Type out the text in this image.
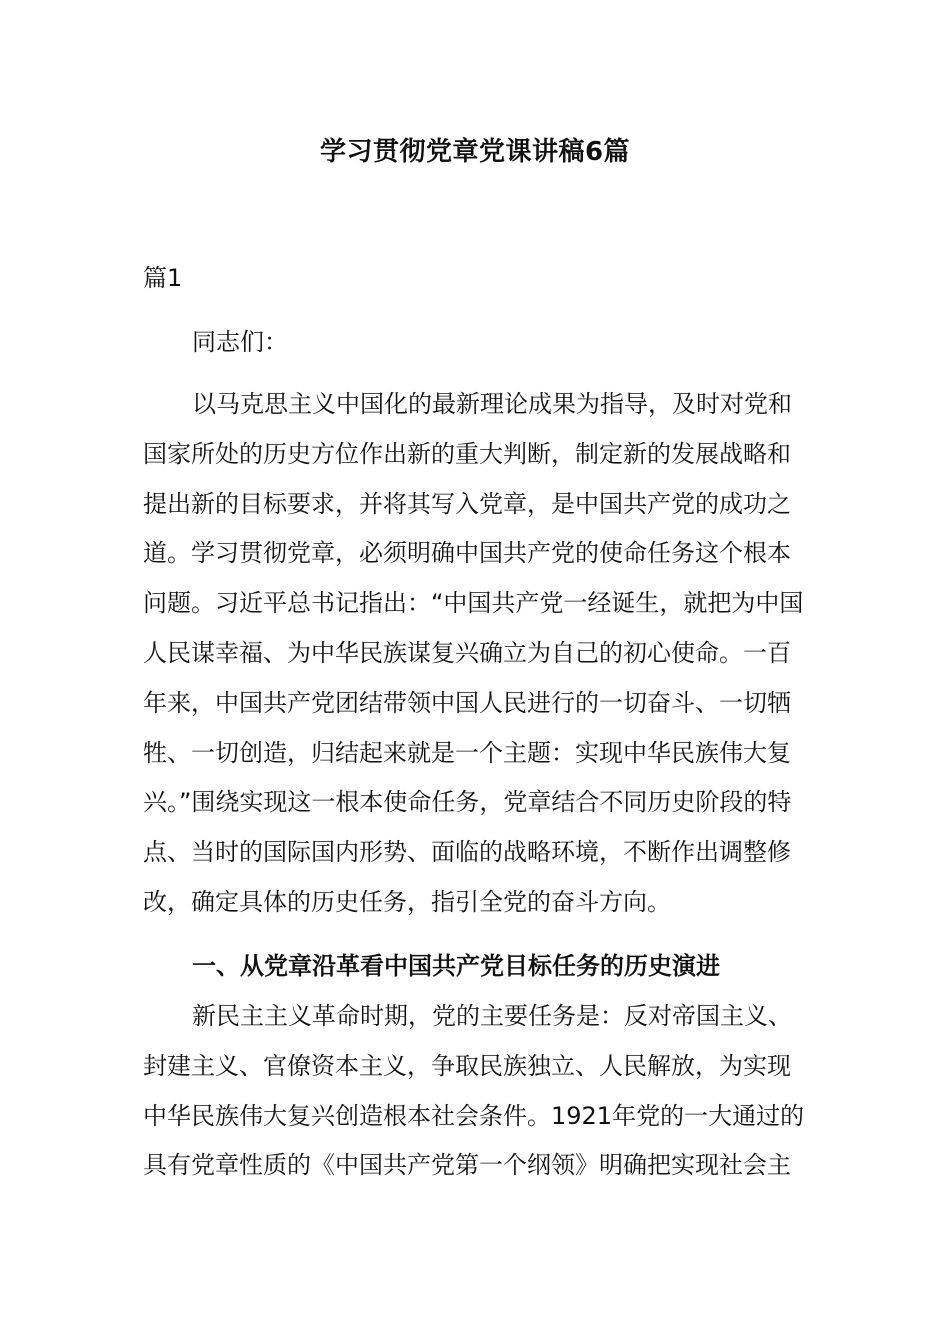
学习贯彻党章党课讲稿6篇
篇1
同志们：
以马克思主义中国化的最新理论成果为指导，及时对党和
国家所处的历史方位作出新的重大判断，制定新的发展战略和
提出新的目标要求，并将其写入党章，是中国共产党的成功之
道。学习贯彻党章，必须明确中国共产党的使命任务这个根本
问题。习近平总书记指出：“中国共产党一经诞生，就把为中国
人民谋幸福、为中华民族谋复兴确立为自己的初心使命。一百
年来，中国共产党团结带领中国人民进行的一切奋斗、一切牺
牲、一切创造，归结起来就是一个主题：实现中华民族伟大复
兴。”围绕实现这一根本使命任务，党章结合不同历史阶段的特
点、当时的国际国内形势、面临的战略环境，不断作出调整修
改，确定具体的历史任务，指引全党的奋斗方向。
一、从党章沿革看中国共产党目标任务的历史演进
新民主主义革命时期，党的主要任务是：反对帝国主义、
封建主义、官僚资本主义，争取民族独立、人民解放，为实现
中华民族伟大复兴创造根本社会条件。1921年党的一大通过的
具有党章性质的《中国共产党第一个纲领》明确把实现社会主
